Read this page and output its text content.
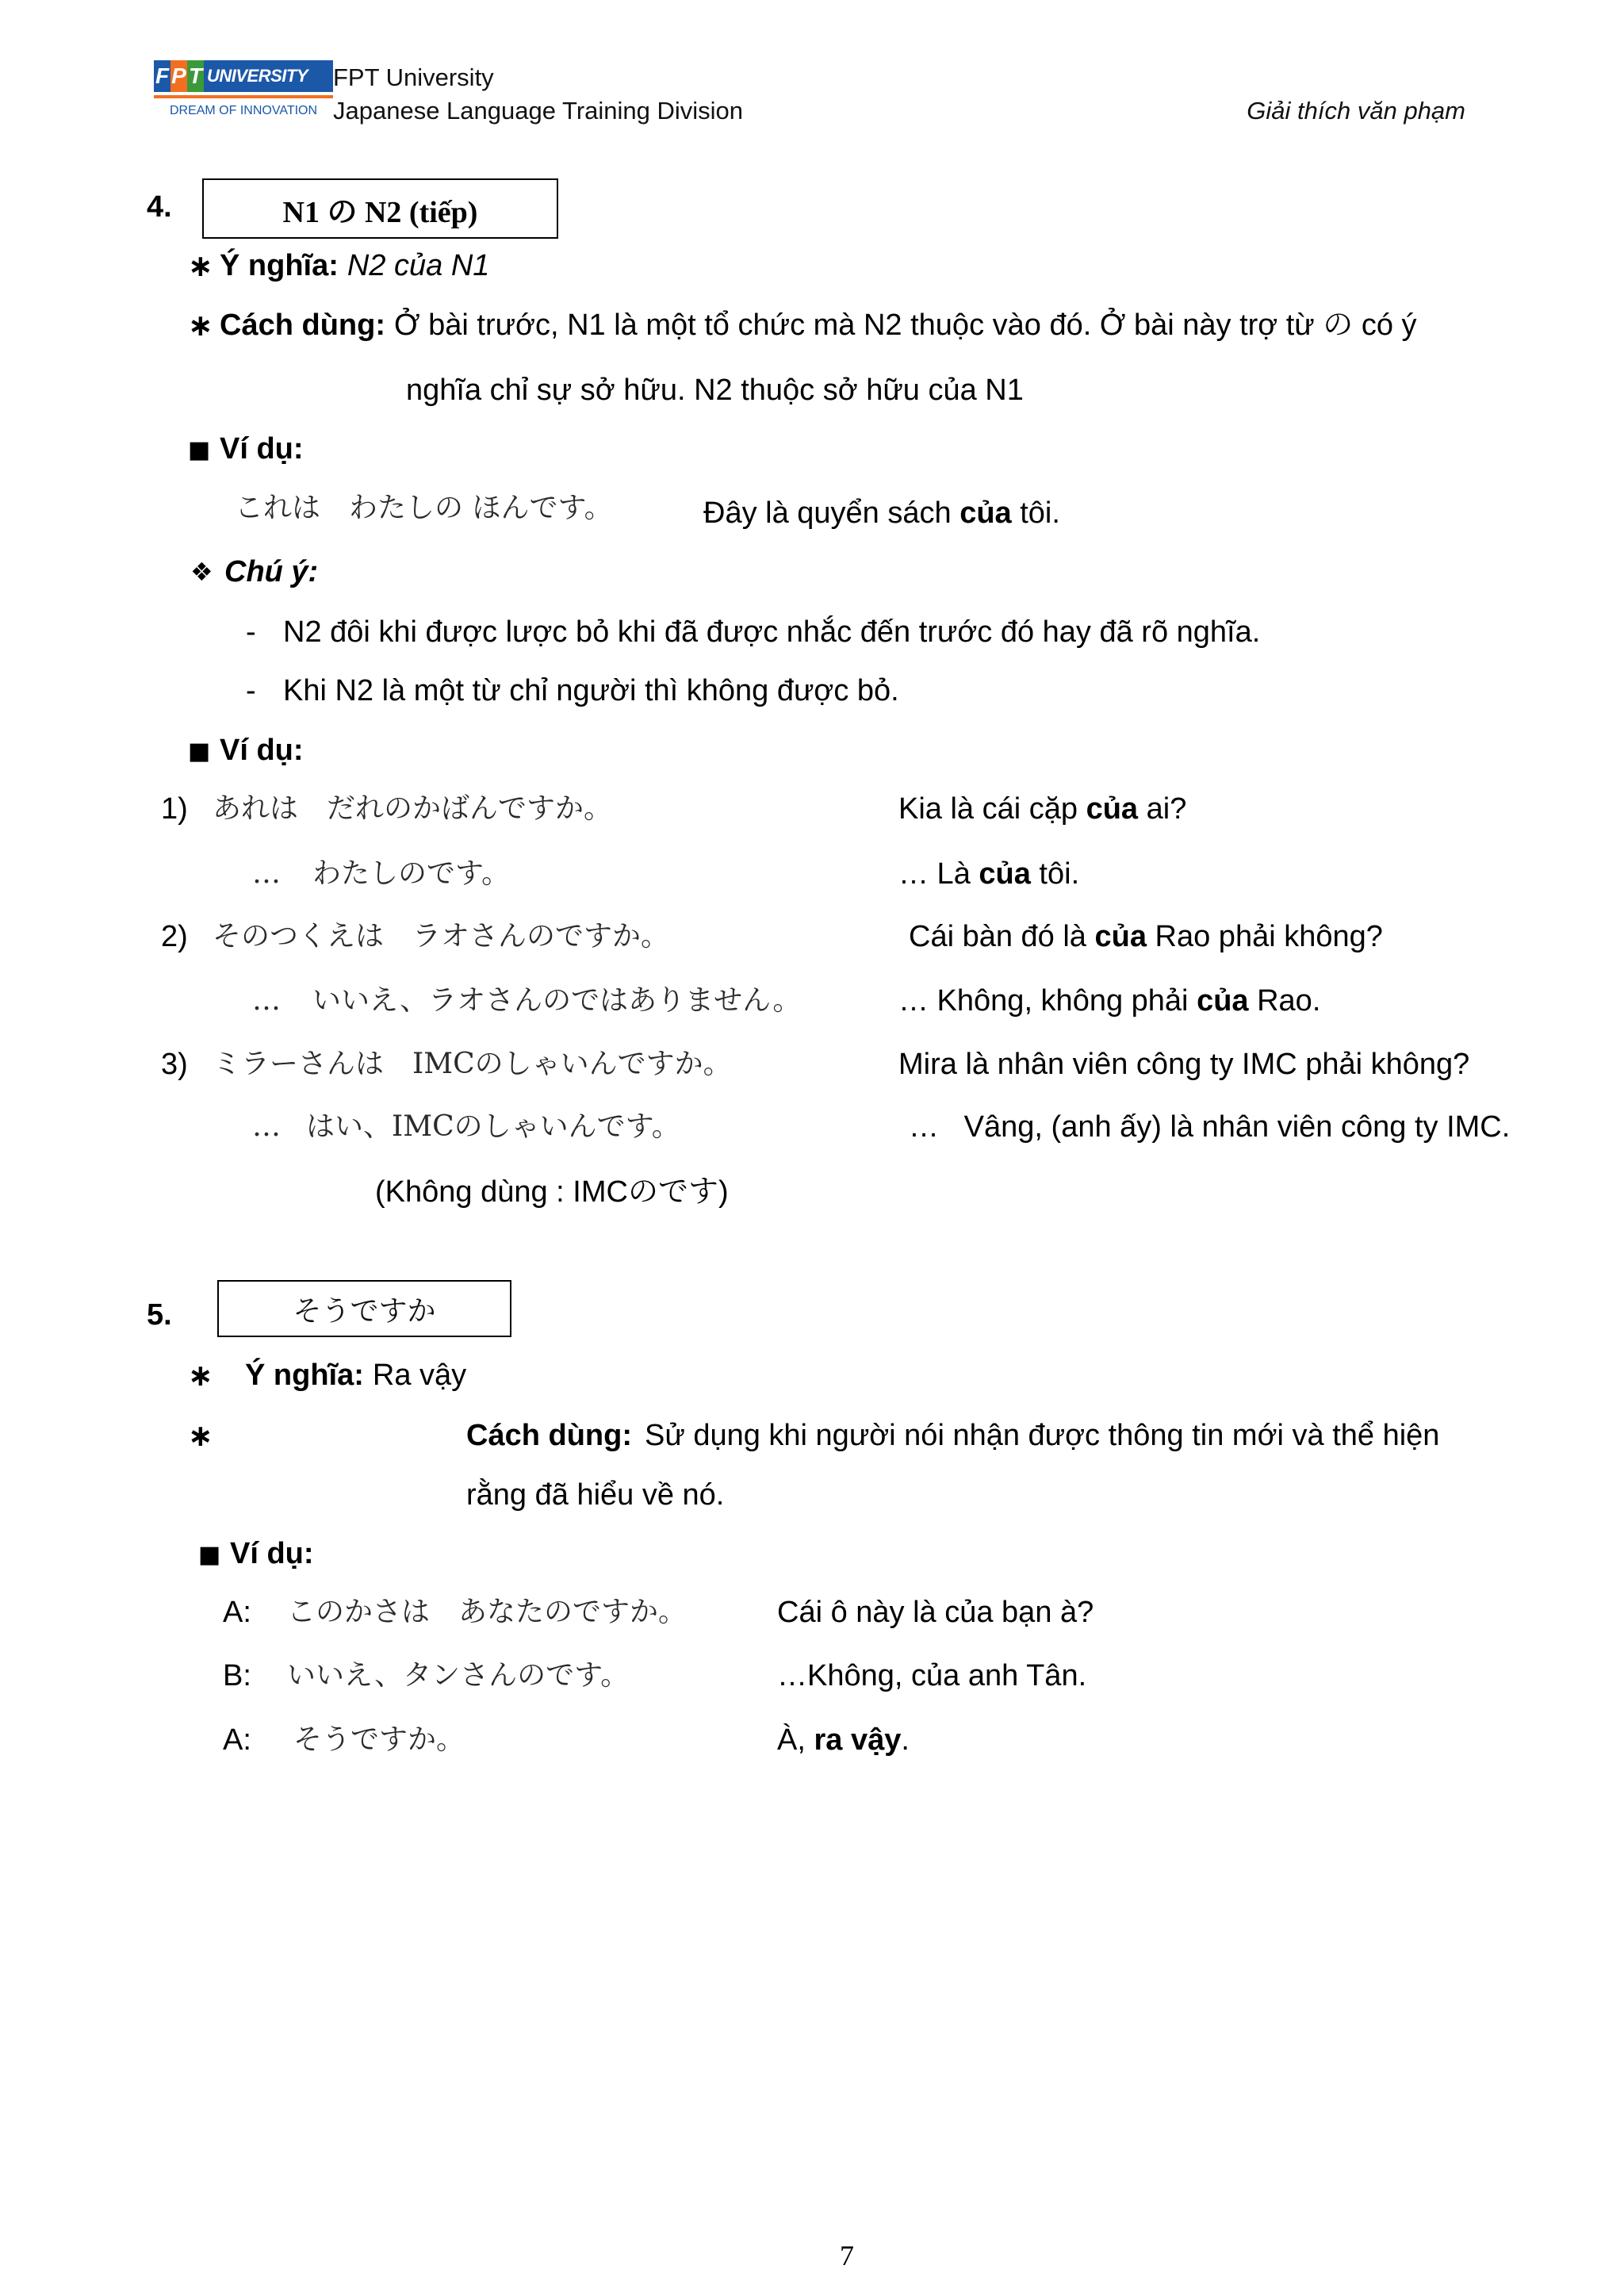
F P T UNIVERSITY
DREAM OF INNOVATION
FPT University
Japanese Language Training Division	Giải thích văn phạm
4.	N1 の N2 (tiếp)
∗ Ý nghĩa: N2 của N1
∗ Cách dùng: Ở bài trước, N1 là một tổ chức mà N2 thuộc vào đó. Ở bài này trợ từ の có ý
nghĩa chỉ sự sở hữu. N2 thuộc sở hữu của N1
■ Ví dụ:
これは　わたしの ほんです。	Đây là quyển sách của tôi.
❖ Chú ý:
- N2 đôi khi được lược bỏ khi đã được nhắc đến trước đó hay đã rõ nghĩa.
- Khi N2 là một từ chỉ người thì không được bỏ.
■ Ví dụ:
1) あれは　だれのかばんですか。	Kia là cái cặp của ai?
… わたしのです。	… Là của tôi.
2) そのつくえは　ラオさんのですか。	Cái bàn đó là của Rao phải không?
… いいえ、ラオさんのではありません。	… Không, không phải của Rao.
3) ミラーさんは　IMCのしゃいんですか。	Mira là nhân viên công ty IMC phải không?
… はい、IMCのしゃいんです。	…   Vâng, (anh ấy) là nhân viên công ty IMC.
(Không dùng : IMCのです)
5.	そうですか
∗ Ý nghĩa: Ra vậy
∗	Cách dùng: Sử dụng khi người nói nhận được thông tin mới và thể hiện
rằng đã hiểu về nó.
■ Ví dụ:
A: このかさは　あなたのですか。	Cái ô này là của bạn à?
B: いいえ、タンさんのです。	…Không, của anh Tân.
A: そうですか。	À, ra vậy.
7
